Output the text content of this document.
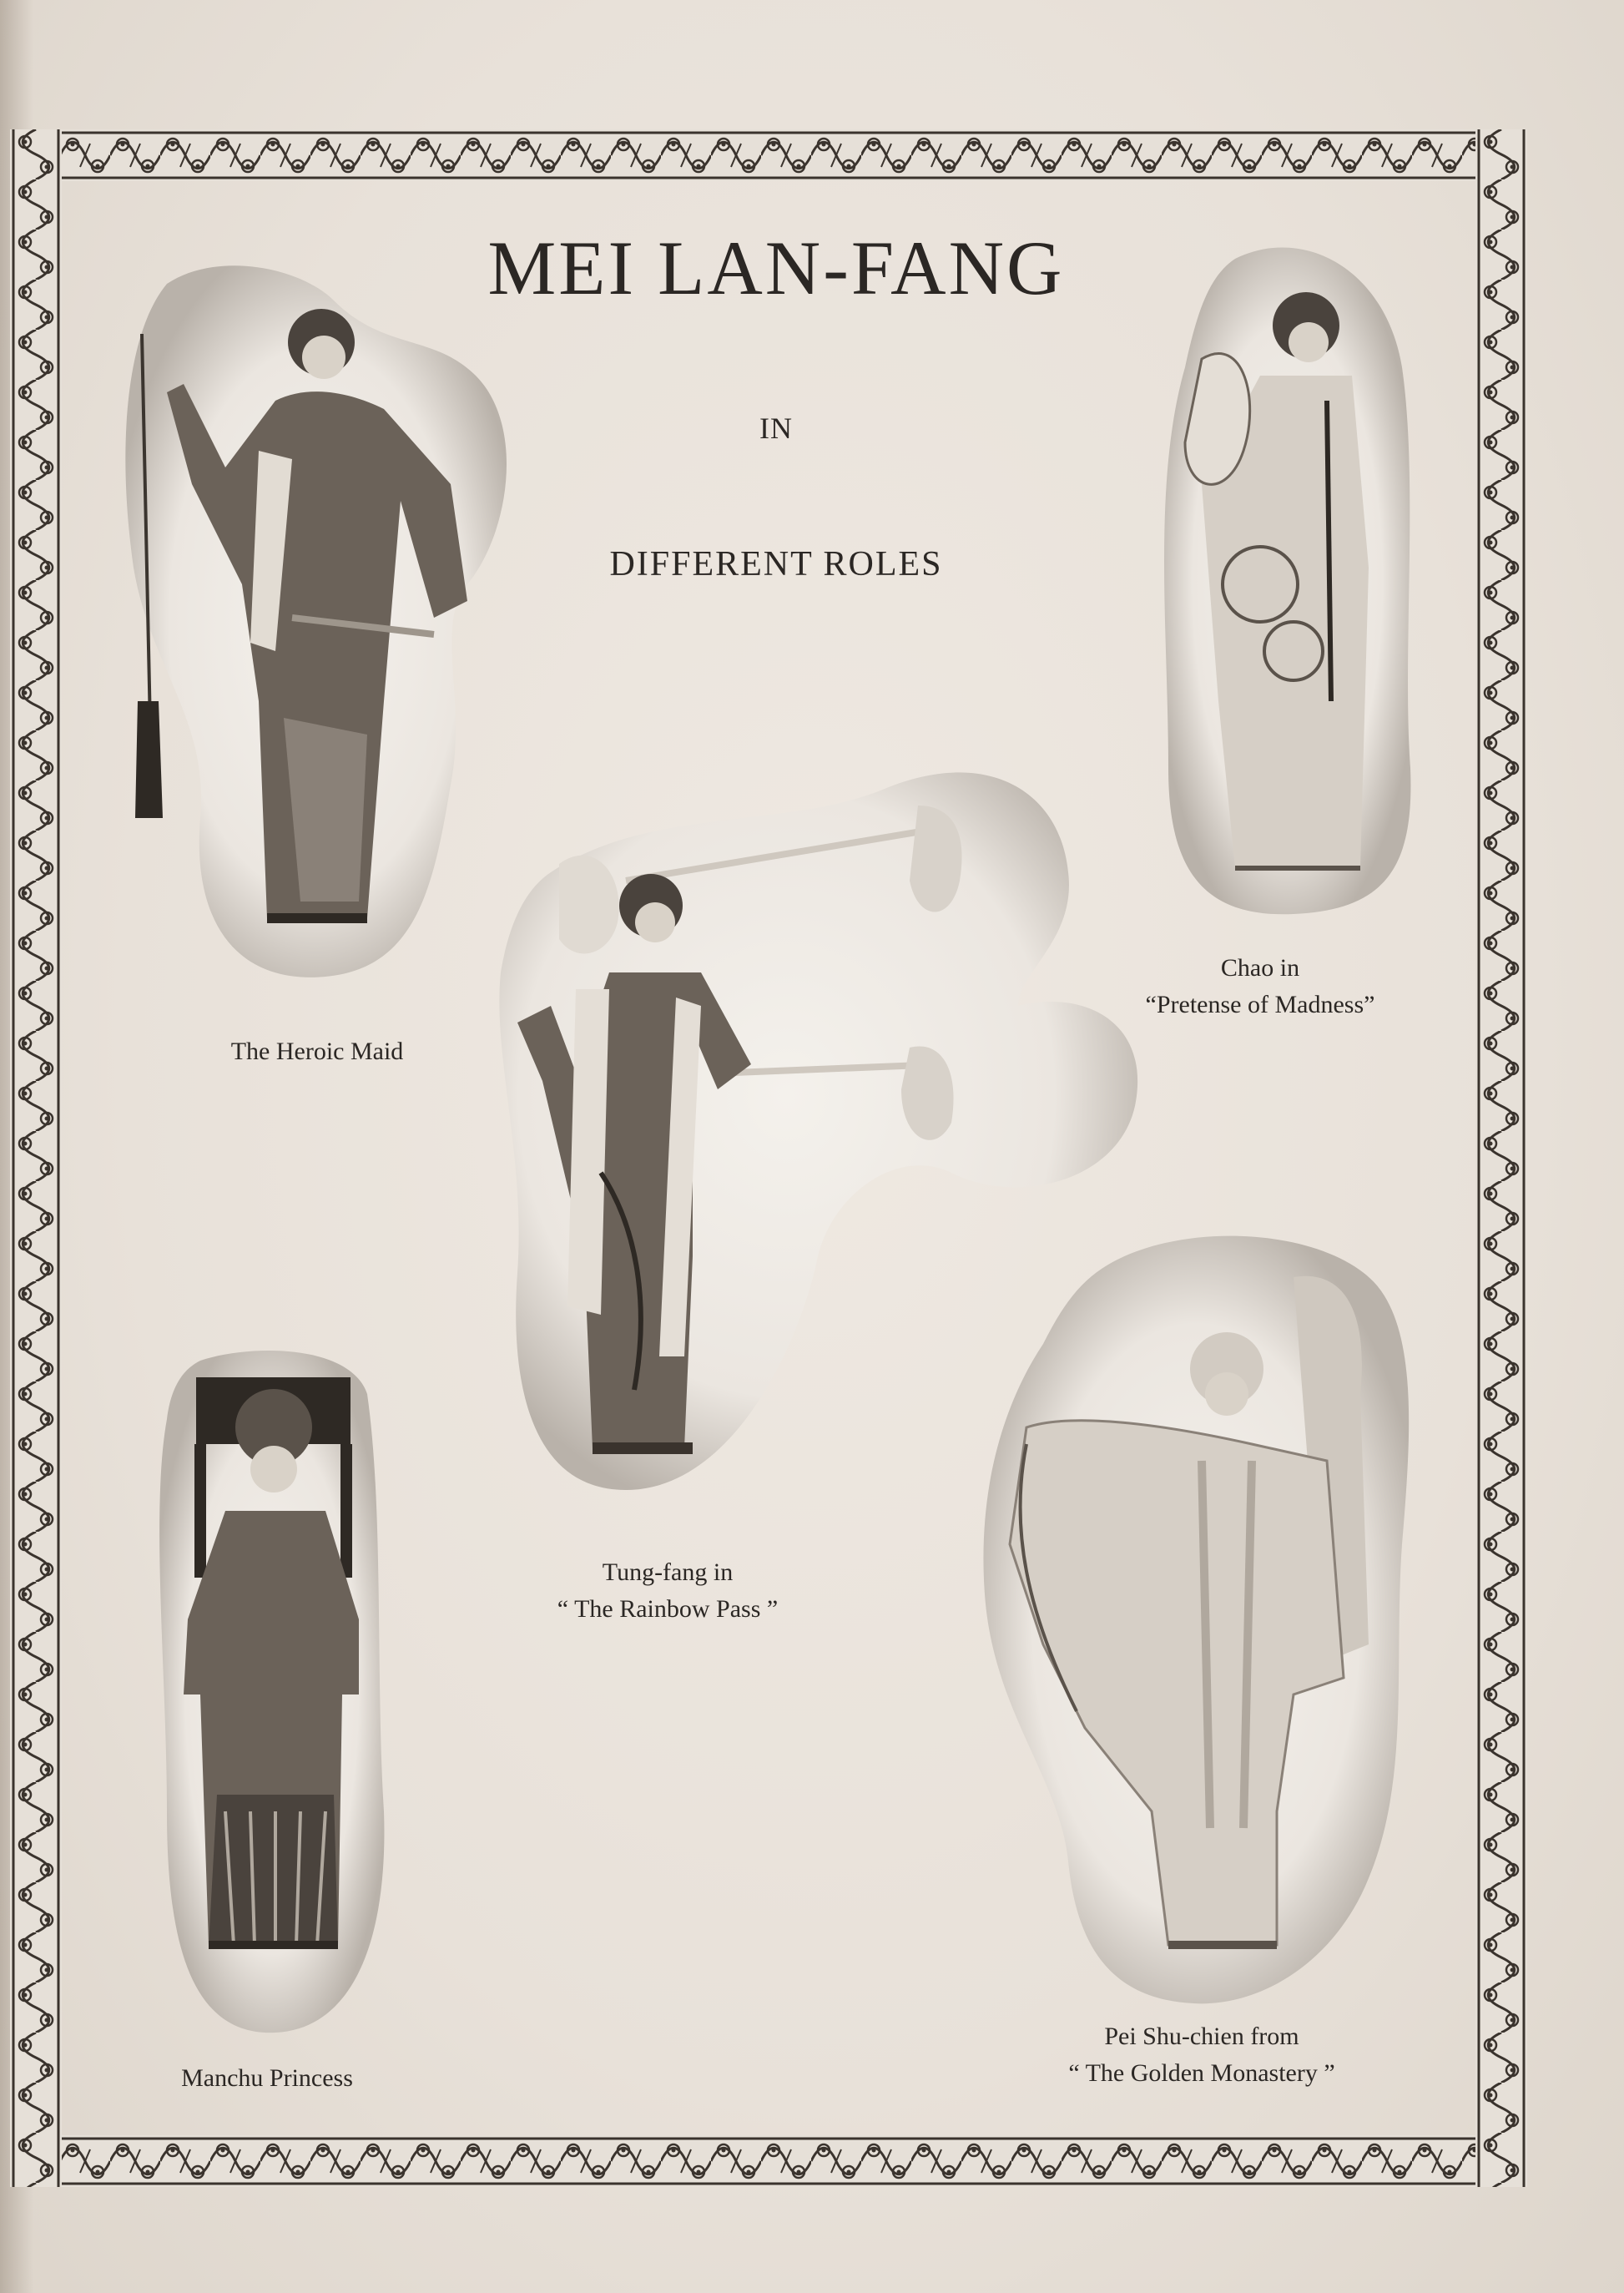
MEI LAN-FANG
IN
DIFFERENT ROLES
The Heroic Maid
Chao in
“Pretense of Madness”
Tung-fang in
“ The Rainbow Pass ”
Manchu Princess
Pei Shu-chien from
“ The Golden Monastery ”
